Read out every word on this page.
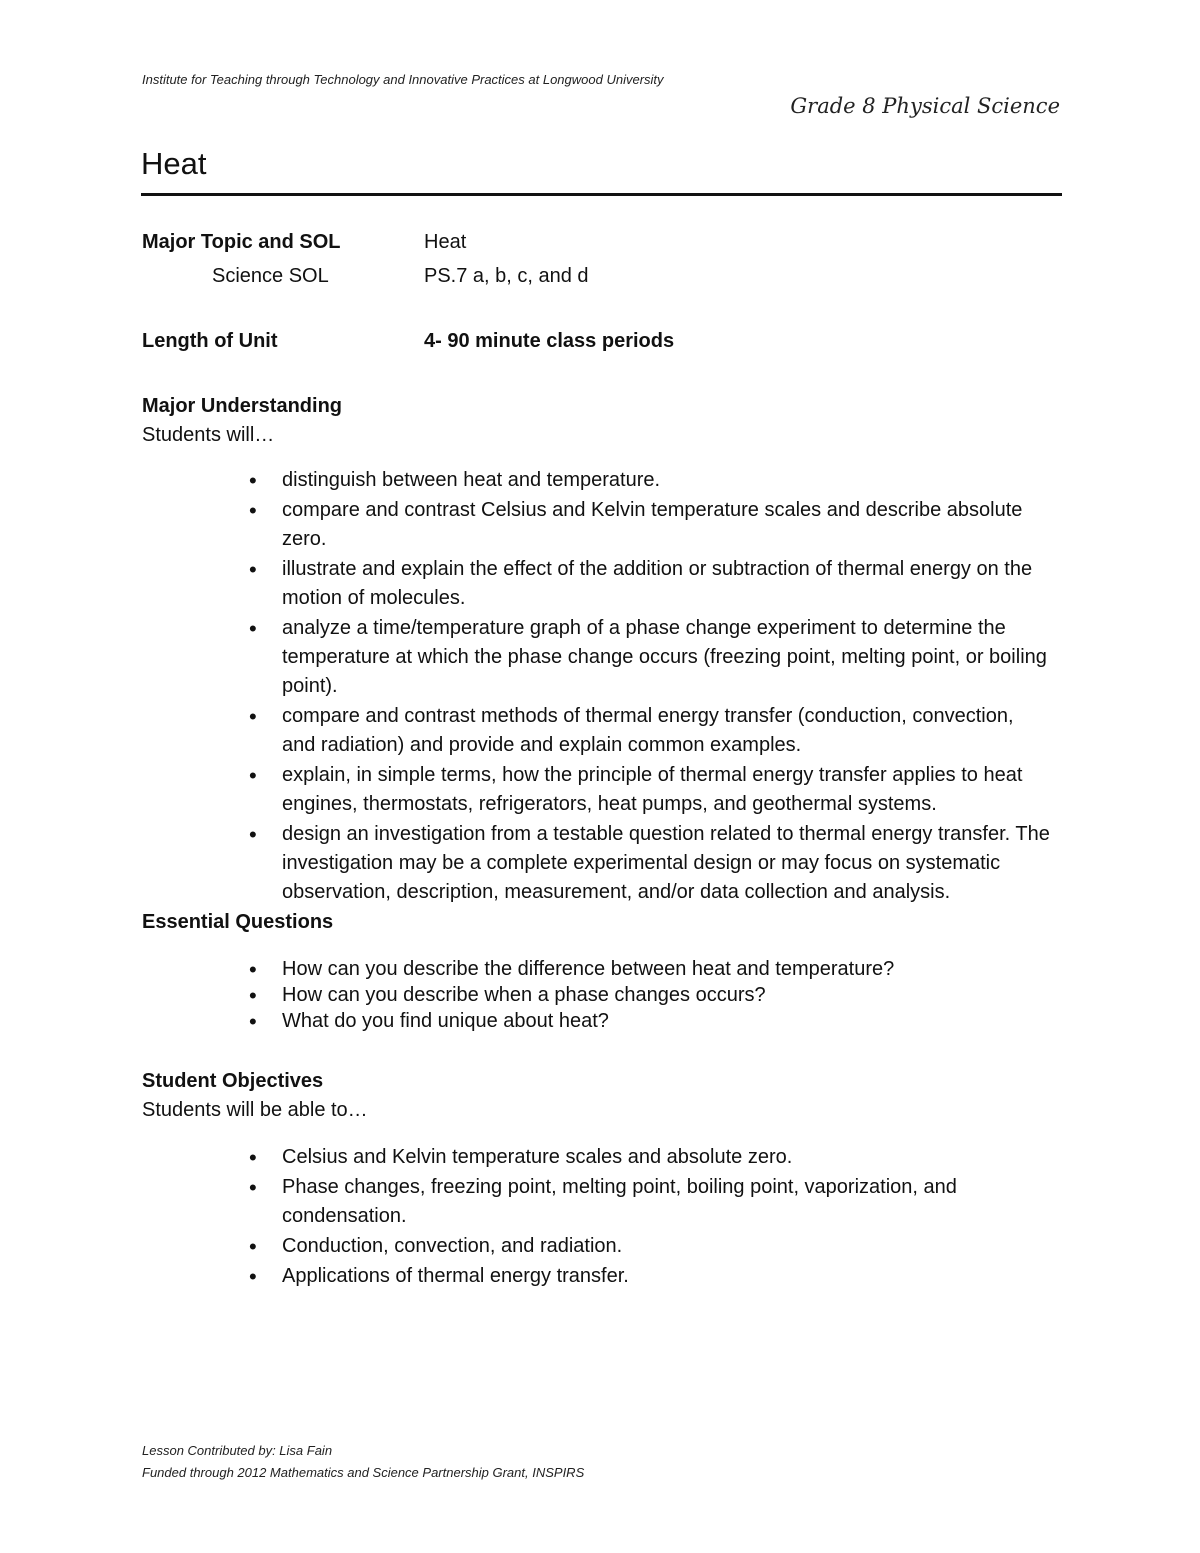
Institute for Teaching through Technology and Innovative Practices at Longwood University
Grade 8 Physical Science
Heat
Major Topic and SOL	Heat
Science SOL	PS.7 a, b, c, and d
Length of Unit	4- 90 minute class periods
Major Understanding
Students will…
• distinguish between heat and temperature.
• compare and contrast Celsius and Kelvin temperature scales and describe absolute zero.
• illustrate and explain the effect of the addition or subtraction of thermal energy on the motion of molecules.
• analyze a time/temperature graph of a phase change experiment to determine the temperature at which the phase change occurs (freezing point, melting point, or boiling point).
• compare and contrast methods of thermal energy transfer (conduction, convection, and radiation) and provide and explain common examples.
• explain, in simple terms, how the principle of thermal energy transfer applies to heat engines, thermostats, refrigerators, heat pumps, and geothermal systems.
• design an investigation from a testable question related to thermal energy transfer. The investigation may be a complete experimental design or may focus on systematic observation, description, measurement, and/or data collection and analysis.
Essential Questions
• How can you describe the difference between heat and temperature?
• How can you describe when a phase changes occurs?
• What do you find unique about heat?
Student Objectives
Students will be able to…
• Celsius and Kelvin temperature scales and absolute zero.
• Phase changes, freezing point, melting point, boiling point, vaporization, and condensation.
• Conduction, convection, and radiation.
• Applications of thermal energy transfer.
Lesson Contributed by: Lisa Fain
Funded through 2012 Mathematics and Science Partnership Grant, INSPIRS
